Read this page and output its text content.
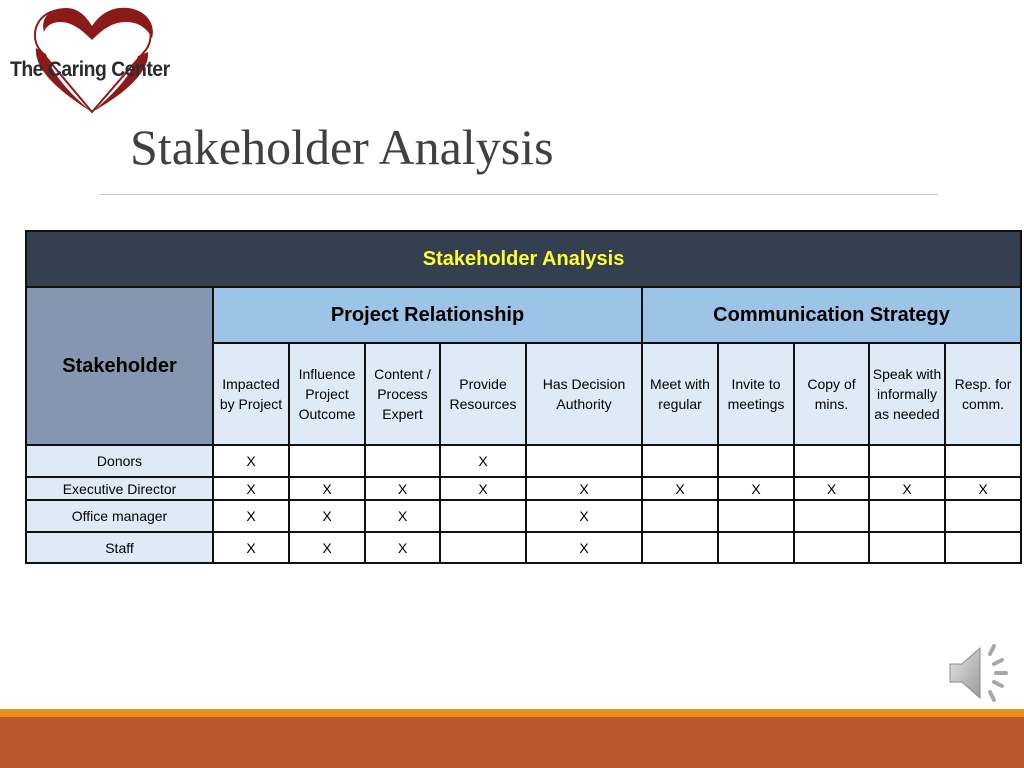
The Caring Center
Stakeholder Analysis
Stakeholder Analysis										
Stakeholder	Project Relationship					Communication Strategy				
	Impacted by Project	Influence Project Outcome	Content / Process Expert	Provide Resources	Has Decision Authority	Meet with regular	Invite to meetings	Copy of mins.	Speak with informally as needed	Resp. for comm.
Donors	X			X						
Executive Director	X	X	X	X	X	X	X	X	X	X
Office manager	X	X	X		X					
Staff	X	X	X		X					
